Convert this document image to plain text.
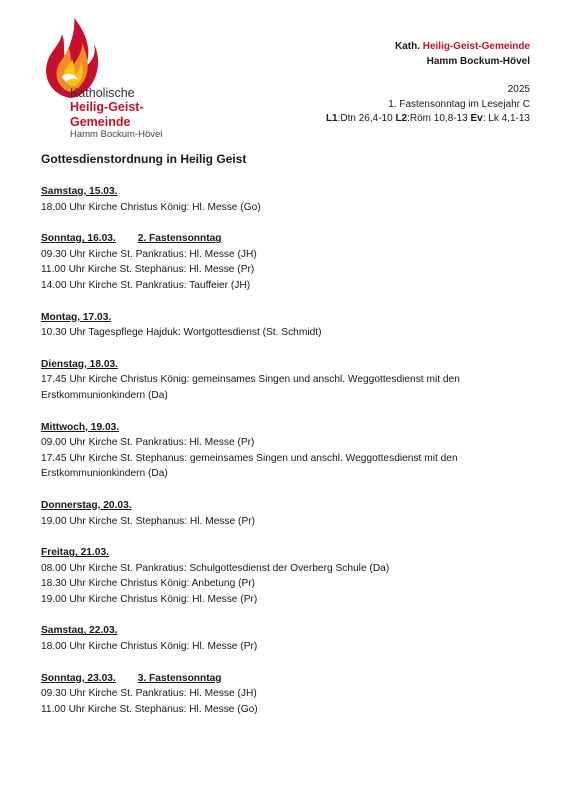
Katholische
Heilig-Geist-Gemeinde
Hamm Bockum-Hövel
Kath. Heilig-Geist-Gemeinde
Hamm Bockum-Hövel
2025
1. Fastensonntag im Lesejahr C
L1:Dtn 26,4-10 L2:Röm 10,8-13 Ev: Lk 4,1-13
Gottesdienstordnung in Heilig Geist
Samstag, 15.03.
18.00 Uhr Kirche Christus König: Hl. Messe (Go)
Sonntag, 16.03. 2. Fastensonntag
09.30 Uhr Kirche St. Pankratius: Hl. Messe (JH)
11.00 Uhr Kirche St. Stephanus: Hl. Messe (Pr)
14.00 Uhr Kirche St. Pankratius: Tauffeier (JH)
Montag, 17.03.
10.30 Uhr Tagespflege Hajduk: Wortgottesdienst (St. Schmidt)
Dienstag, 18.03.
17.45 Uhr Kirche Christus König: gemeinsames Singen und anschl. Weggottesdienst mit den Erstkommunionkindern (Da)
Mittwoch, 19.03.
09.00 Uhr Kirche St. Pankratius: Hl. Messe (Pr)
17.45 Uhr Kirche St. Stephanus: gemeinsames Singen und anschl. Weggottesdienst mit den Erstkommunionkindern (Da)
Donnerstag, 20.03.
19.00 Uhr Kirche St. Stephanus: Hl. Messe (Pr)
Freitag, 21.03.
08.00 Uhr Kirche St. Pankratius: Schulgottesdienst der Overberg Schule (Da)
18.30 Uhr Kirche Christus König: Anbetung (Pr)
19.00 Uhr Kirche Christus König: Hl. Messe (Pr)
Samstag, 22.03.
18.00 Uhr Kirche Christus König: Hl. Messe (Pr)
Sonntag, 23.03. 3. Fastensonntag
09.30 Uhr Kirche St. Pankratius: Hl. Messe (JH)
11.00 Uhr Kirche St. Stephanus: Hl. Messe (Go)
